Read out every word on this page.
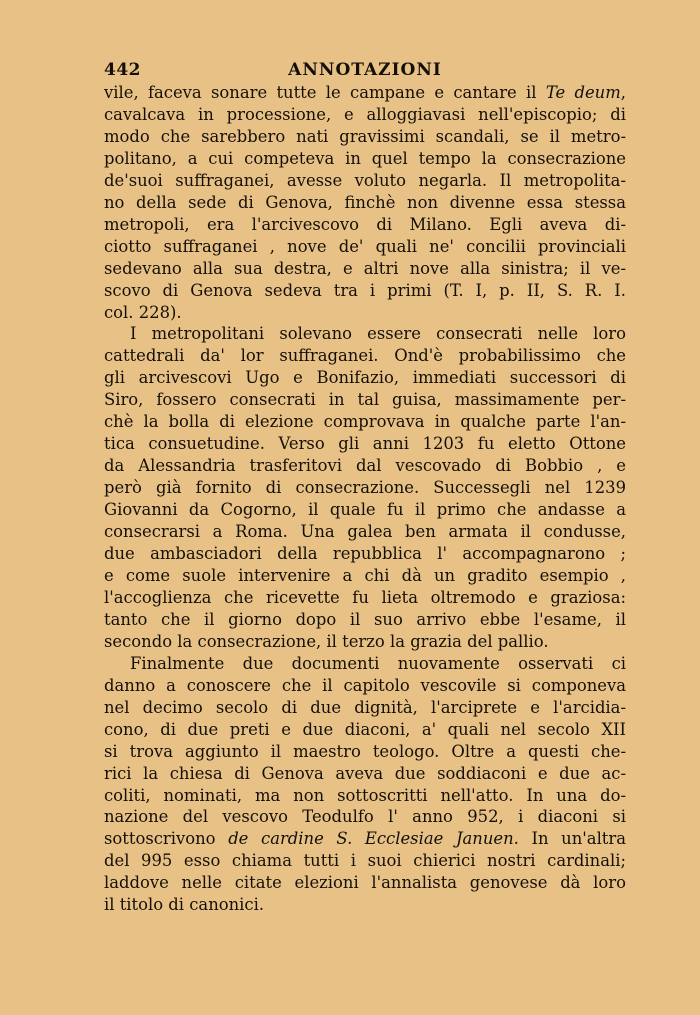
442	ANNOTAZIONI
vile, faceva sonare tutte le campane e cantare il Te deum,
cavalcava in processione, e alloggiavasi nell'episcopio; di
modo che sarebbero nati gravissimi scandali, se il metro-
politano, a cui competeva in quel tempo la consecrazione
de'suoi suffraganei, avesse voluto negarla. Il metropolita-
no della sede di Genova, finchè non divenne essa stessa
metropoli, era l'arcivescovo di Milano. Egli aveva di-
ciotto suffraganei , nove de' quali ne' concilii provinciali
sedevano alla sua destra, e altri nove alla sinistra; il ve-
scovo di Genova sedeva tra i primi (T. I, p. II, S. R. I.
col. 228).
I metropolitani solevano essere consecrati nelle loro
cattedrali da' lor suffraganei. Ond'è probabilissimo che
gli arcivescovi Ugo e Bonifazio, immediati successori di
Siro, fossero consecrati in tal guisa, massimamente per-
chè la bolla di elezione comprovava in qualche parte l'an-
tica consuetudine. Verso gli anni 1203 fu eletto Ottone
da Alessandria trasferitovi dal vescovado di Bobbio , e
però già fornito di consecrazione. Successegli nel 1239
Giovanni da Cogorno, il quale fu il primo che andasse a
consecrarsi a Roma. Una galea ben armata il condusse,
due ambasciadori della repubblica l' accompagnarono ;
e come suole intervenire a chi dà un gradito esempio ,
l'accoglienza che ricevette fu lieta oltremodo e graziosa:
tanto che il giorno dopo il suo arrivo ebbe l'esame, il
secondo la consecrazione, il terzo la grazia del pallio.
Finalmente due documenti nuovamente osservati ci
danno a conoscere che il capitolo vescovile si componeva
nel decimo secolo di due dignità, l'arciprete e l'arcidia-
cono, di due preti e due diaconi, a' quali nel secolo XII
si trova aggiunto il maestro teologo. Oltre a questi che-
rici la chiesa di Genova aveva due soddiaconi e due ac-
coliti, nominati, ma non sottoscritti nell'atto. In una do-
nazione del vescovo Teodulfo l' anno 952, i diaconi si
sottoscrivono de cardine S. Ecclesiae Januen. In un'altra
del 995 esso chiama tutti i suoi chierici nostri cardinali;
laddove nelle citate elezioni l'annalista genovese dà loro
il titolo di canonici.
